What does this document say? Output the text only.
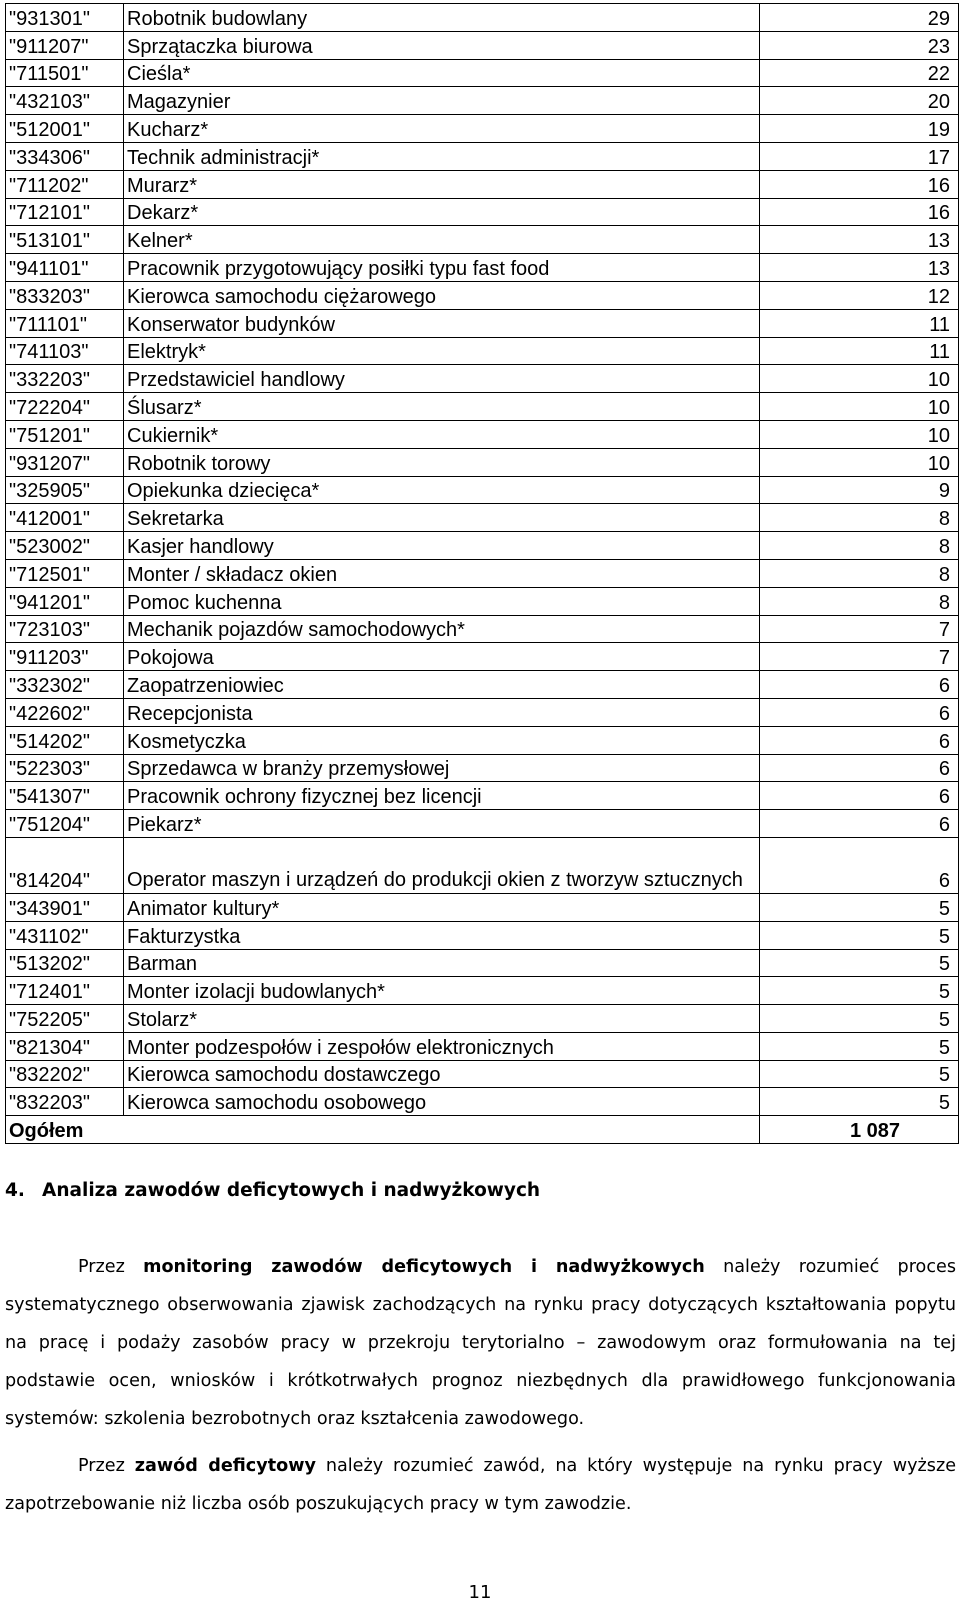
"931301"	Robotnik budowlany	29
"911207"	Sprzątaczka biurowa	23
"711501"	Cieśla*	22
"432103"	Magazynier	20
"512001"	Kucharz*	19
"334306"	Technik administracji*	17
"711202"	Murarz*	16
"712101"	Dekarz*	16
"513101"	Kelner*	13
"941101"	Pracownik przygotowujący posiłki typu fast food	13
"833203"	Kierowca samochodu ciężarowego	12
"711101"	Konserwator budynków	11
"741103"	Elektryk*	11
"332203"	Przedstawiciel handlowy	10
"722204"	Ślusarz*	10
"751201"	Cukiernik*	10
"931207"	Robotnik torowy	10
"325905"	Opiekunka dziecięca*	9
"412001"	Sekretarka	8
"523002"	Kasjer handlowy	8
"712501"	Monter / składacz okien	8
"941201"	Pomoc kuchenna	8
"723103"	Mechanik pojazdów samochodowych*	7
"911203"	Pokojowa	7
"332302"	Zaopatrzeniowiec	6
"422602"	Recepcjonista	6
"514202"	Kosmetyczka	6
"522303"	Sprzedawca w branży przemysłowej	6
"541307"	Pracownik ochrony fizycznej bez licencji	6
"751204"	Piekarz*	6
"814204"	Operator maszyn i urządzeń do produkcji okien z tworzyw sztucznych	6
"343901"	Animator kultury*	5
"431102"	Fakturzystka	5
"513202"	Barman	5
"712401"	Monter izolacji budowlanych*	5
"752205"	Stolarz*	5
"821304"	Monter podzespołów i zespołów elektronicznych	5
"832202"	Kierowca samochodu dostawczego	5
"832203"	Kierowca samochodu osobowego	5
Ogółem		1 087
4. Analiza zawodów deficytowych i nadwyżkowych
Przez monitoring zawodów deficytowych i nadwyżkowych należy rozumieć proces systematycznego obserwowania zjawisk zachodzących na rynku pracy dotyczących kształtowania popytu na pracę i podaży zasobów pracy w przekroju terytorialno – zawodowym oraz formułowania na tej podstawie ocen, wniosków i krótkotrwałych prognoz niezbędnych dla prawidłowego funkcjonowania systemów: szkolenia bezrobotnych oraz kształcenia zawodowego.
Przez zawód deficytowy należy rozumieć zawód, na który występuje na rynku pracy wyższe zapotrzebowanie niż liczba osób poszukujących pracy w tym zawodzie.
11
